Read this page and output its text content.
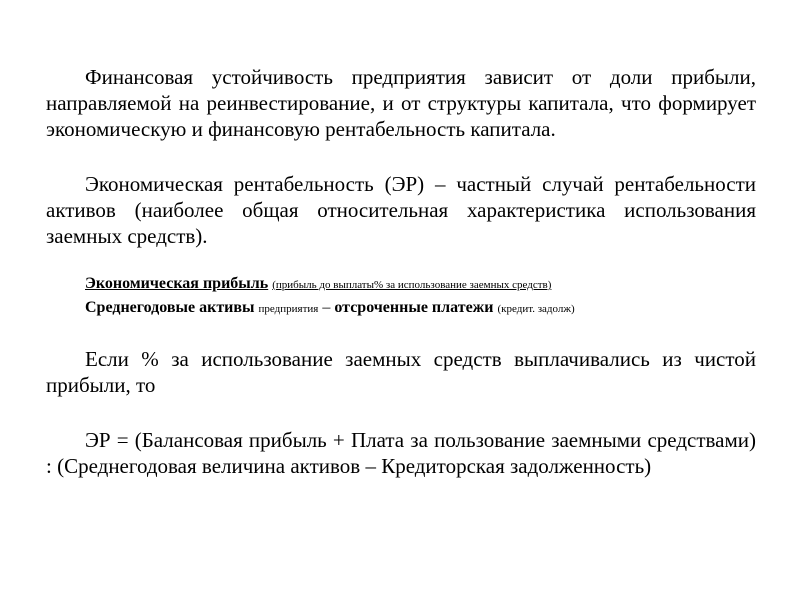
Финансовая устойчивость предприятия зависит от доли прибыли, направляемой на реинвестирование, и от структуры капитала, что формирует экономическую и финансовую рентабельность капитала.

Экономическая рентабельность (ЭР) – частный случай рентабельности активов (наиболее общая относительная характеристика использования заемных средств).

Экономическая прибыль (прибыль до выплаты% за использование заемных средств)
Среднегодовые активы предприятия – отсроченные платежи (кредит. задолж)

Если % за использование заемных средств выплачивались из чистой прибыли, то

ЭР = (Балансовая прибыль + Плата за пользование заемными средствами) : (Среднегодовая величина активов – Кредиторская задолженность)
